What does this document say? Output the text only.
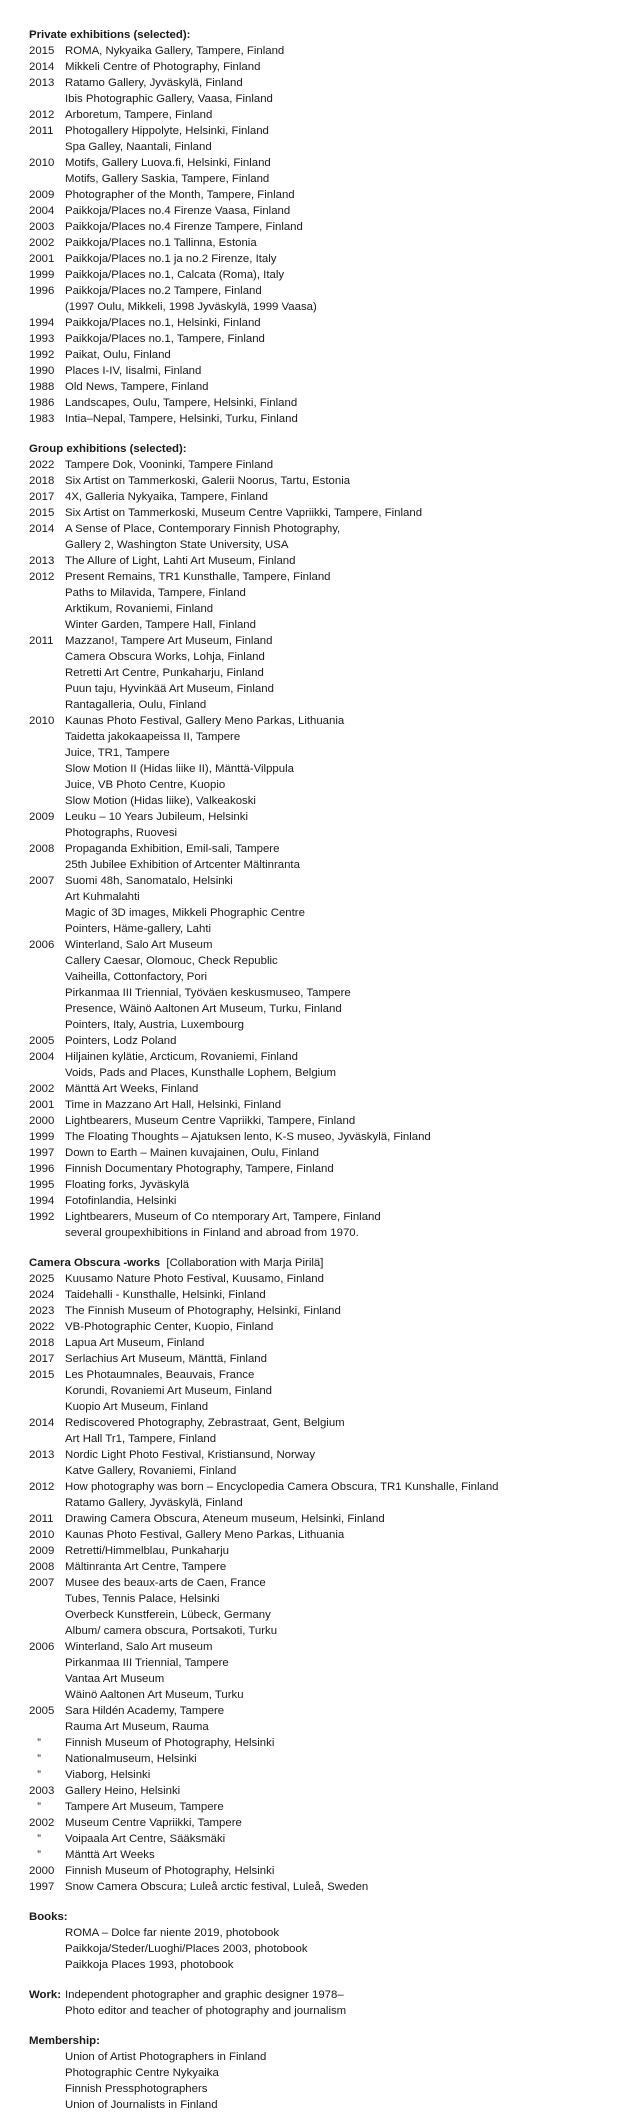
Private exhibitions (selected):
2015 ROMA, Nykyaika Gallery, Tampere, Finland
2014 Mikkeli Centre of Photography, Finland
2013 Ratamo Gallery, Jyväskylä, Finland
Ibis Photographic Gallery, Vaasa, Finland
2012 Arboretum, Tampere, Finland
2011	Photogallery Hippolyte, Helsinki, Finland
Spa Galley, Naantali, Finland
2010 Motifs, Gallery Luova.fi, Helsinki, Finland
Motifs, Gallery Saskia, Tampere, Finland
2009 Photographer of the Month, Tampere, Finland
2004 Paikkoja/Places no.4 Firenze Vaasa, Finland
2003 Paikkoja/Places no.4 Firenze Tampere, Finland
2002 Paikkoja/Places no.1 Tallinna, Estonia
2001 Paikkoja/Places no.1 ja no.2 Firenze, Italy
1999 Paikkoja/Places no.1, Calcata (Roma), Italy
1996 Paikkoja/Places no.2 Tampere, Finland
(1997 Oulu, Mikkeli, 1998 Jyväskylä, 1999 Vaasa)
1994 Paikkoja/Places no.1, Helsinki, Finland
1993 Paikkoja/Places no.1, Tampere, Finland
1992 Paikat, Oulu, Finland
1990 Places I-IV, Iisalmi, Finland
1988 Old News, Tampere, Finland
1986 Landscapes, Oulu, Tampere, Helsinki, Finland
1983 Intia–Nepal, Tampere, Helsinki, Turku, Finland
Group exhibitions (selected):
2022 Tampere Dok, Vooninki, Tampere Finland
2018 Six Artist on Tammerkoski, Galerii Noorus, Tartu, Estonia
2017 4X, Galleria Nykyaika, Tampere, Finland
2015 Six Artist on Tammerkoski, Museum Centre Vapriikki, Tampere, Finland
2014 A Sense of Place, Contemporary Finnish Photography,
Gallery 2, Washington State University, USA
2013 The Allure of Light, Lahti Art Museum, Finland
2012 Present Remains, TR1 Kunsthalle, Tampere, Finland
Paths to Milavida, Tampere, Finland
Arktikum, Rovaniemi, Finland
Winter Garden, Tampere Hall, Finland
2011	Mazzano!, Tampere Art Museum, Finland
Camera Obscura Works, Lohja, Finland
Retretti Art Centre, Punkaharju, Finland
Puun taju, Hyvinkää Art Museum, Finland
Rantagalleria, Oulu, Finland
2010 Kaunas Photo Festival, Gallery Meno Parkas, Lithuania
Taidetta jakokaapeissa II, Tampere
Juice, TR1, Tampere
Slow Motion II (Hidas liike II), Mänttä-Vilppula
Juice, VB Photo Centre, Kuopio
Slow Motion (Hidas liike), Valkeakoski
2009 Leuku – 10 Years Jubileum, Helsinki
Photographs, Ruovesi
2008 Propaganda Exhibition, Emil-sali, Tampere
25th Jubilee Exhibition of Artcenter Mältinranta
2007 Suomi 48h, Sanomatalo, Helsinki
Art Kuhmalahti
Magic of 3D images, Mikkeli Phographic Centre
Pointers, Häme-gallery, Lahti
2006 Winterland, Salo Art Museum
Callery Caesar, Olomouc, Check Republic
Vaiheilla, Cottonfactory, Pori
Pirkanmaa III Triennial, Työväen keskusmuseo, Tampere
Presence, Wäinö Aaltonen Art Museum, Turku, Finland
Pointers, Italy, Austria, Luxembourg
2005 Pointers, Lodz Poland
2004 Hiljainen kylätie, Arcticum, Rovaniemi, Finland
Voids, Pads and Places, Kunsthalle Lophem, Belgium
2002 Mänttä Art Weeks, Finland
2001 Time in Mazzano Art Hall, Helsinki, Finland
2000 Lightbearers, Museum Centre Vapriikki, Tampere, Finland
1999 The Floating Thoughts – Ajatuksen lento, K-S museo, Jyväskylä, Finland
1997 Down to Earth – Mainen kuvajainen, Oulu, Finland
1996 Finnish Documentary Photography, Tampere, Finland
1995 Floating forks, Jyväskylä
1994 Fotofinlandia, Helsinki
1992 Lightbearers, Museum of Co ntemporary Art, Tampere, Finland
several groupexhibitions in Finland and abroad from 1970.
Camera Obscura -works [Collaboration with Marja Pirilä]
2025 Kuusamo Nature Photo Festival, Kuusamo, Finland
2024 Taidehalli - Kunsthalle, Helsinki, Finland
2023 The Finnish Museum of Photography, Helsinki, Finland
2022 VB-Photographic Center, Kuopio, Finland
2018 Lapua Art Museum, Finland
2017 Serlachius Art Museum, Mänttä, Finland
2015 Les Photaumnales, Beauvais, France
Korundi, Rovaniemi Art Museum, Finland
Kuopio Art Museum, Finland
2014 Rediscovered Photography, Zebrastraat, Gent, Belgium
Art Hall Tr1, Tampere, Finland
2013 Nordic Light Photo Festival, Kristiansund, Norway
Katve Gallery, Rovaniemi, Finland
2012 How photography was born – Encyclopedia Camera Obscura, TR1 Kunshalle, Finland
Ratamo Gallery, Jyväskylä, Finland
2011	Drawing Camera Obscura, Ateneum museum, Helsinki, Finland
2010 Kaunas Photo Festival, Gallery Meno Parkas, Lithuania
2009 Retretti/Himmelblau, Punkaharju
2008 Mältinranta Art Centre, Tampere
2007 Musee des beaux-arts de Caen, France
Tubes, Tennis Palace, Helsinki
Overbeck Kunstferein, Lübeck, Germany
Album/ camera obscura, Portsakoti, Turku
2006 Winterland, Salo Art museum
Pirkanmaa III Triennial, Tampere
Vantaa Art Museum
Wäinö Aaltonen Art Museum, Turku
2005 Sara Hildén Academy, Tampere
Rauma Art Museum, Rauma
”	Finnish Museum of Photography, Helsinki
”	Nationalmuseum, Helsinki
”	Viaborg, Helsinki
2003 Gallery Heino, Helsinki
”	Tampere Art Museum, Tampere
2002 Museum Centre Vapriikki, Tampere
”	Voipaala Art Centre, Sääksmäki
”	Mänttä Art Weeks
2000 Finnish Museum of Photography, Helsinki
1997 Snow Camera Obscura; Luleå arctic festival, Luleå, Sweden
Books:
ROMA – Dolce far niente 2019, photobook
Paikkoja/Steder/Luoghi/Places 2003, photobook
Paikkoja Places 1993, photobook
Work: Independent photographer and graphic designer 1978–
Photo editor and teacher of photography and journalism
Membership:
Union of Artist Photographers in Finland
Photographic Centre Nykyaika
Finnish Pressphotographers
Union of Journalists in Finland
